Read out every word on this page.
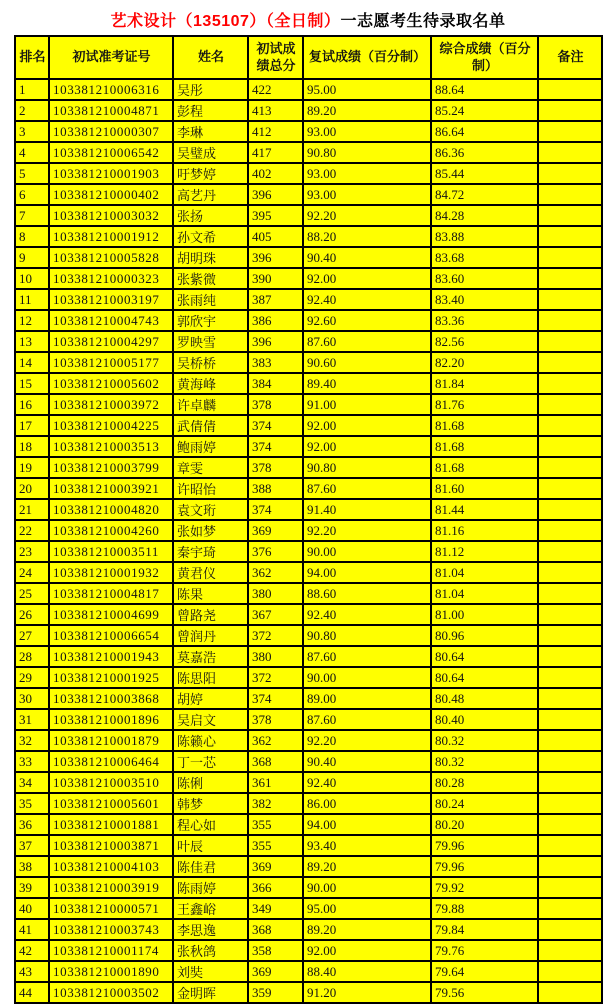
艺术设计（135107）（全日制）一志愿考生待录取名单
排名	初试准考证号	姓名	初试成绩总分	复试成绩（百分制）	综合成绩（百分制）	备注
1	103381210006316	吴彤	422	95.00	88.64	
2	103381210004871	彭程	413	89.20	85.24	
3	103381210000307	李琳	412	93.00	86.64	
4	103381210006542	吴璧成	417	90.80	86.36	
5	103381210001903	吁梦婷	402	93.00	85.44	
6	103381210000402	高艺丹	396	93.00	84.72	
7	103381210003032	张扬	395	92.20	84.28	
8	103381210001912	孙文希	405	88.20	83.88	
9	103381210005828	胡明珠	396	90.40	83.68	
10	103381210000323	张紫微	390	92.00	83.60	
11	103381210003197	张雨纯	387	92.40	83.40	
12	103381210004743	郭欣宇	386	92.60	83.36	
13	103381210004297	罗映雪	396	87.60	82.56	
14	103381210005177	吴桥桥	383	90.60	82.20	
15	103381210005602	黄海峰	384	89.40	81.84	
16	103381210003972	许卓麟	378	91.00	81.76	
17	103381210004225	武倩倩	374	92.00	81.68	
18	103381210003513	鲍雨婷	374	92.00	81.68	
19	103381210003799	章雯	378	90.80	81.68	
20	103381210003921	许昭怡	388	87.60	81.60	
21	103381210004820	袁文珩	374	91.40	81.44	
22	103381210004260	张如梦	369	92.20	81.16	
23	103381210003511	秦宇琦	376	90.00	81.12	
24	103381210001932	黄君仪	362	94.00	81.04	
25	103381210004817	陈果	380	88.60	81.04	
26	103381210004699	曾路尧	367	92.40	81.00	
27	103381210006654	曾润丹	372	90.80	80.96	
28	103381210001943	莫嘉浩	380	87.60	80.64	
29	103381210001925	陈思阳	372	90.00	80.64	
30	103381210003868	胡婷	374	89.00	80.48	
31	103381210001896	吴启文	378	87.60	80.40	
32	103381210001879	陈籁心	362	92.20	80.32	
33	103381210006464	丁一芯	368	90.40	80.32	
34	103381210003510	陈俐	361	92.40	80.28	
35	103381210005601	韩梦	382	86.00	80.24	
36	103381210001881	程心如	355	94.00	80.20	
37	103381210003871	叶辰	355	93.40	79.96	
38	103381210004103	陈佳君	369	89.20	79.96	
39	103381210003919	陈雨婷	366	90.00	79.92	
40	103381210000571	王鑫峪	349	95.00	79.88	
41	103381210003743	李思逸	368	89.20	79.84	
42	103381210001174	张秋鸽	358	92.00	79.76	
43	103381210001890	刘奘	369	88.40	79.64	
44	103381210003502	金明晖	359	91.20	79.56	
